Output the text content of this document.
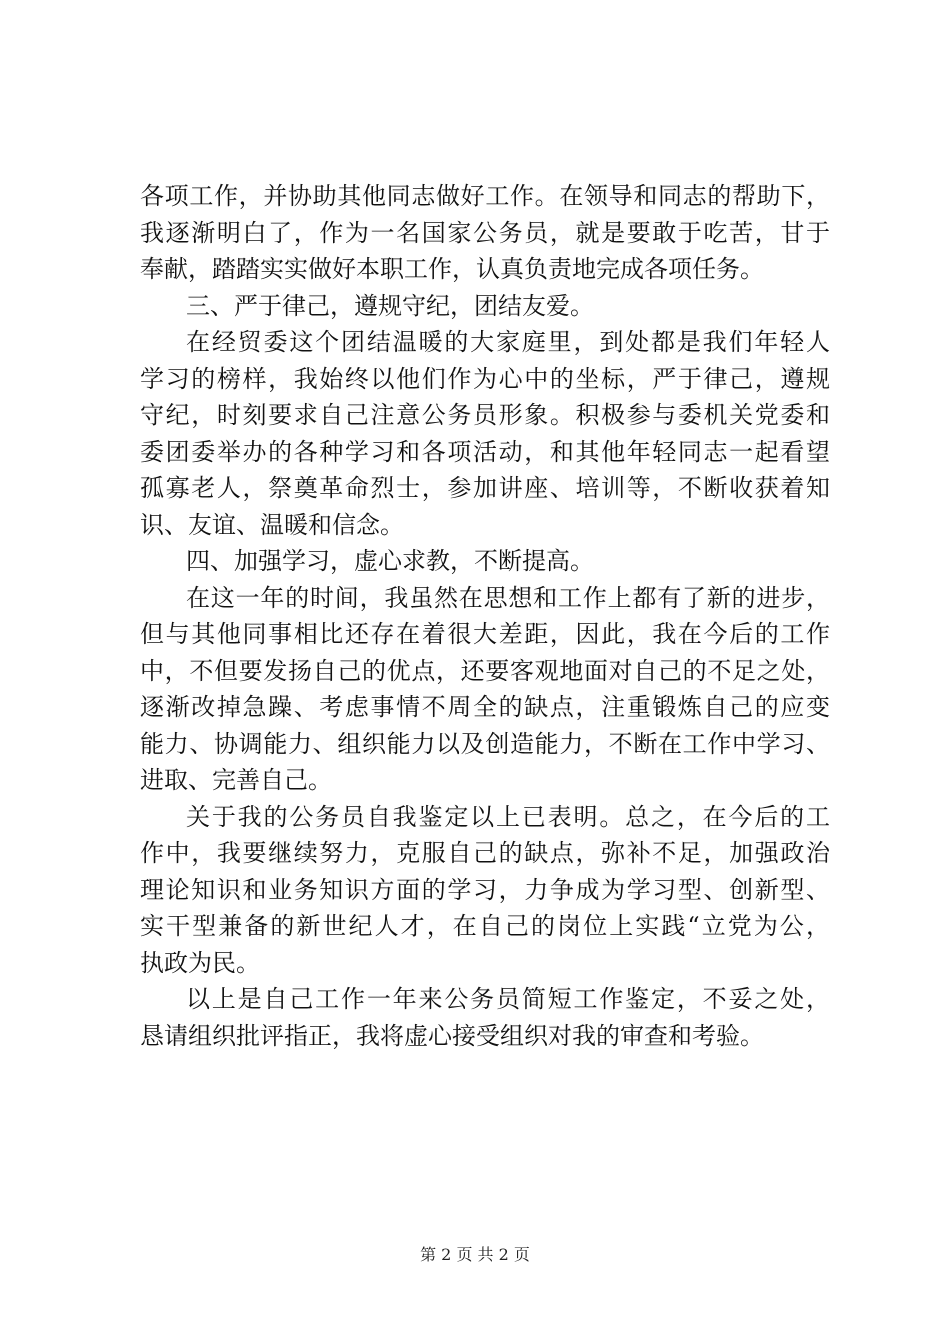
各项工作，并协助其他同志做好工作。在领导和同志的帮助下，
我逐渐明白了，作为一名国家公务员，就是要敢于吃苦，甘于
奉献，踏踏实实做好本职工作，认真负责地完成各项任务。
三、严于律己，遵规守纪，团结友爱。
在经贸委这个团结温暖的大家庭里，到处都是我们年轻人
学习的榜样，我始终以他们作为心中的坐标，严于律己，遵规
守纪，时刻要求自己注意公务员形象。积极参与委机关党委和
委团委举办的各种学习和各项活动，和其他年轻同志一起看望
孤寡老人，祭奠革命烈士，参加讲座、培训等，不断收获着知
识、友谊、温暖和信念。
四、加强学习，虚心求教，不断提高。
在这一年的时间，我虽然在思想和工作上都有了新的进步，
但与其他同事相比还存在着很大差距，因此，我在今后的工作
中，不但要发扬自己的优点，还要客观地面对自己的不足之处，
逐渐改掉急躁、考虑事情不周全的缺点，注重锻炼自己的应变
能力、协调能力、组织能力以及创造能力，不断在工作中学习、
进取、完善自己。
关于我的公务员自我鉴定以上已表明。总之，在今后的工
作中，我要继续努力，克服自己的缺点，弥补不足，加强政治
理论知识和业务知识方面的学习，力争成为学习型、创新型、
实干型兼备的新世纪人才，在自己的岗位上实践“立党为公，
执政为民。
以上是自己工作一年来公务员简短工作鉴定，不妥之处，
恳请组织批评指正，我将虚心接受组织对我的审查和考验。
第 2 页 共 2 页
